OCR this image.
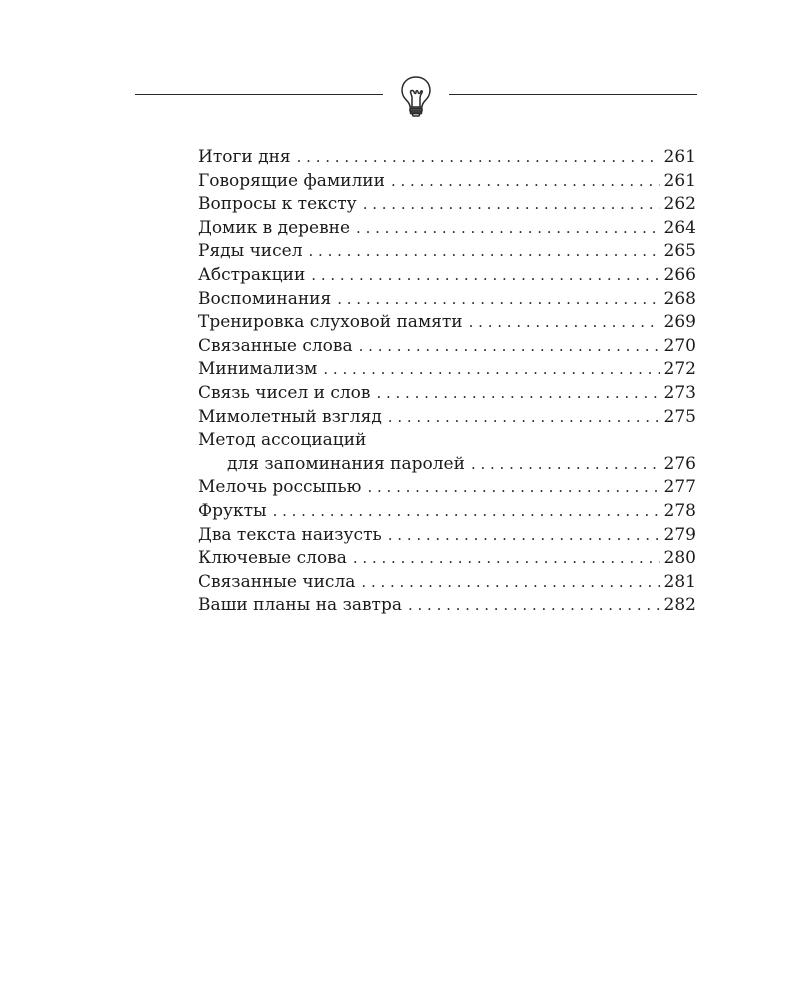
Итоги дня . . .	261
Говорящие фамилии . . .	261
Вопросы к тексту . . .	262
Домик в деревне . . .	264
Ряды чисел . . .	265
Абстракции . . .	266
Воспоминания . . .	268
Тренировка слуховой памяти . . .	269
Связанные слова . . .	270
Минимализм . . .	272
Связь чисел и слов . . .	273
Мимолетный взгляд . . .	275
Метод ассоциаций
для запоминания паролей . . .	276
Мелочь россыпью . . .	277
Фрукты . . .	278
Два текста наизусть . . .	279
Ключевые слова . . .	280
Связанные числа . . .	281
Ваши планы на завтра . . .	282
